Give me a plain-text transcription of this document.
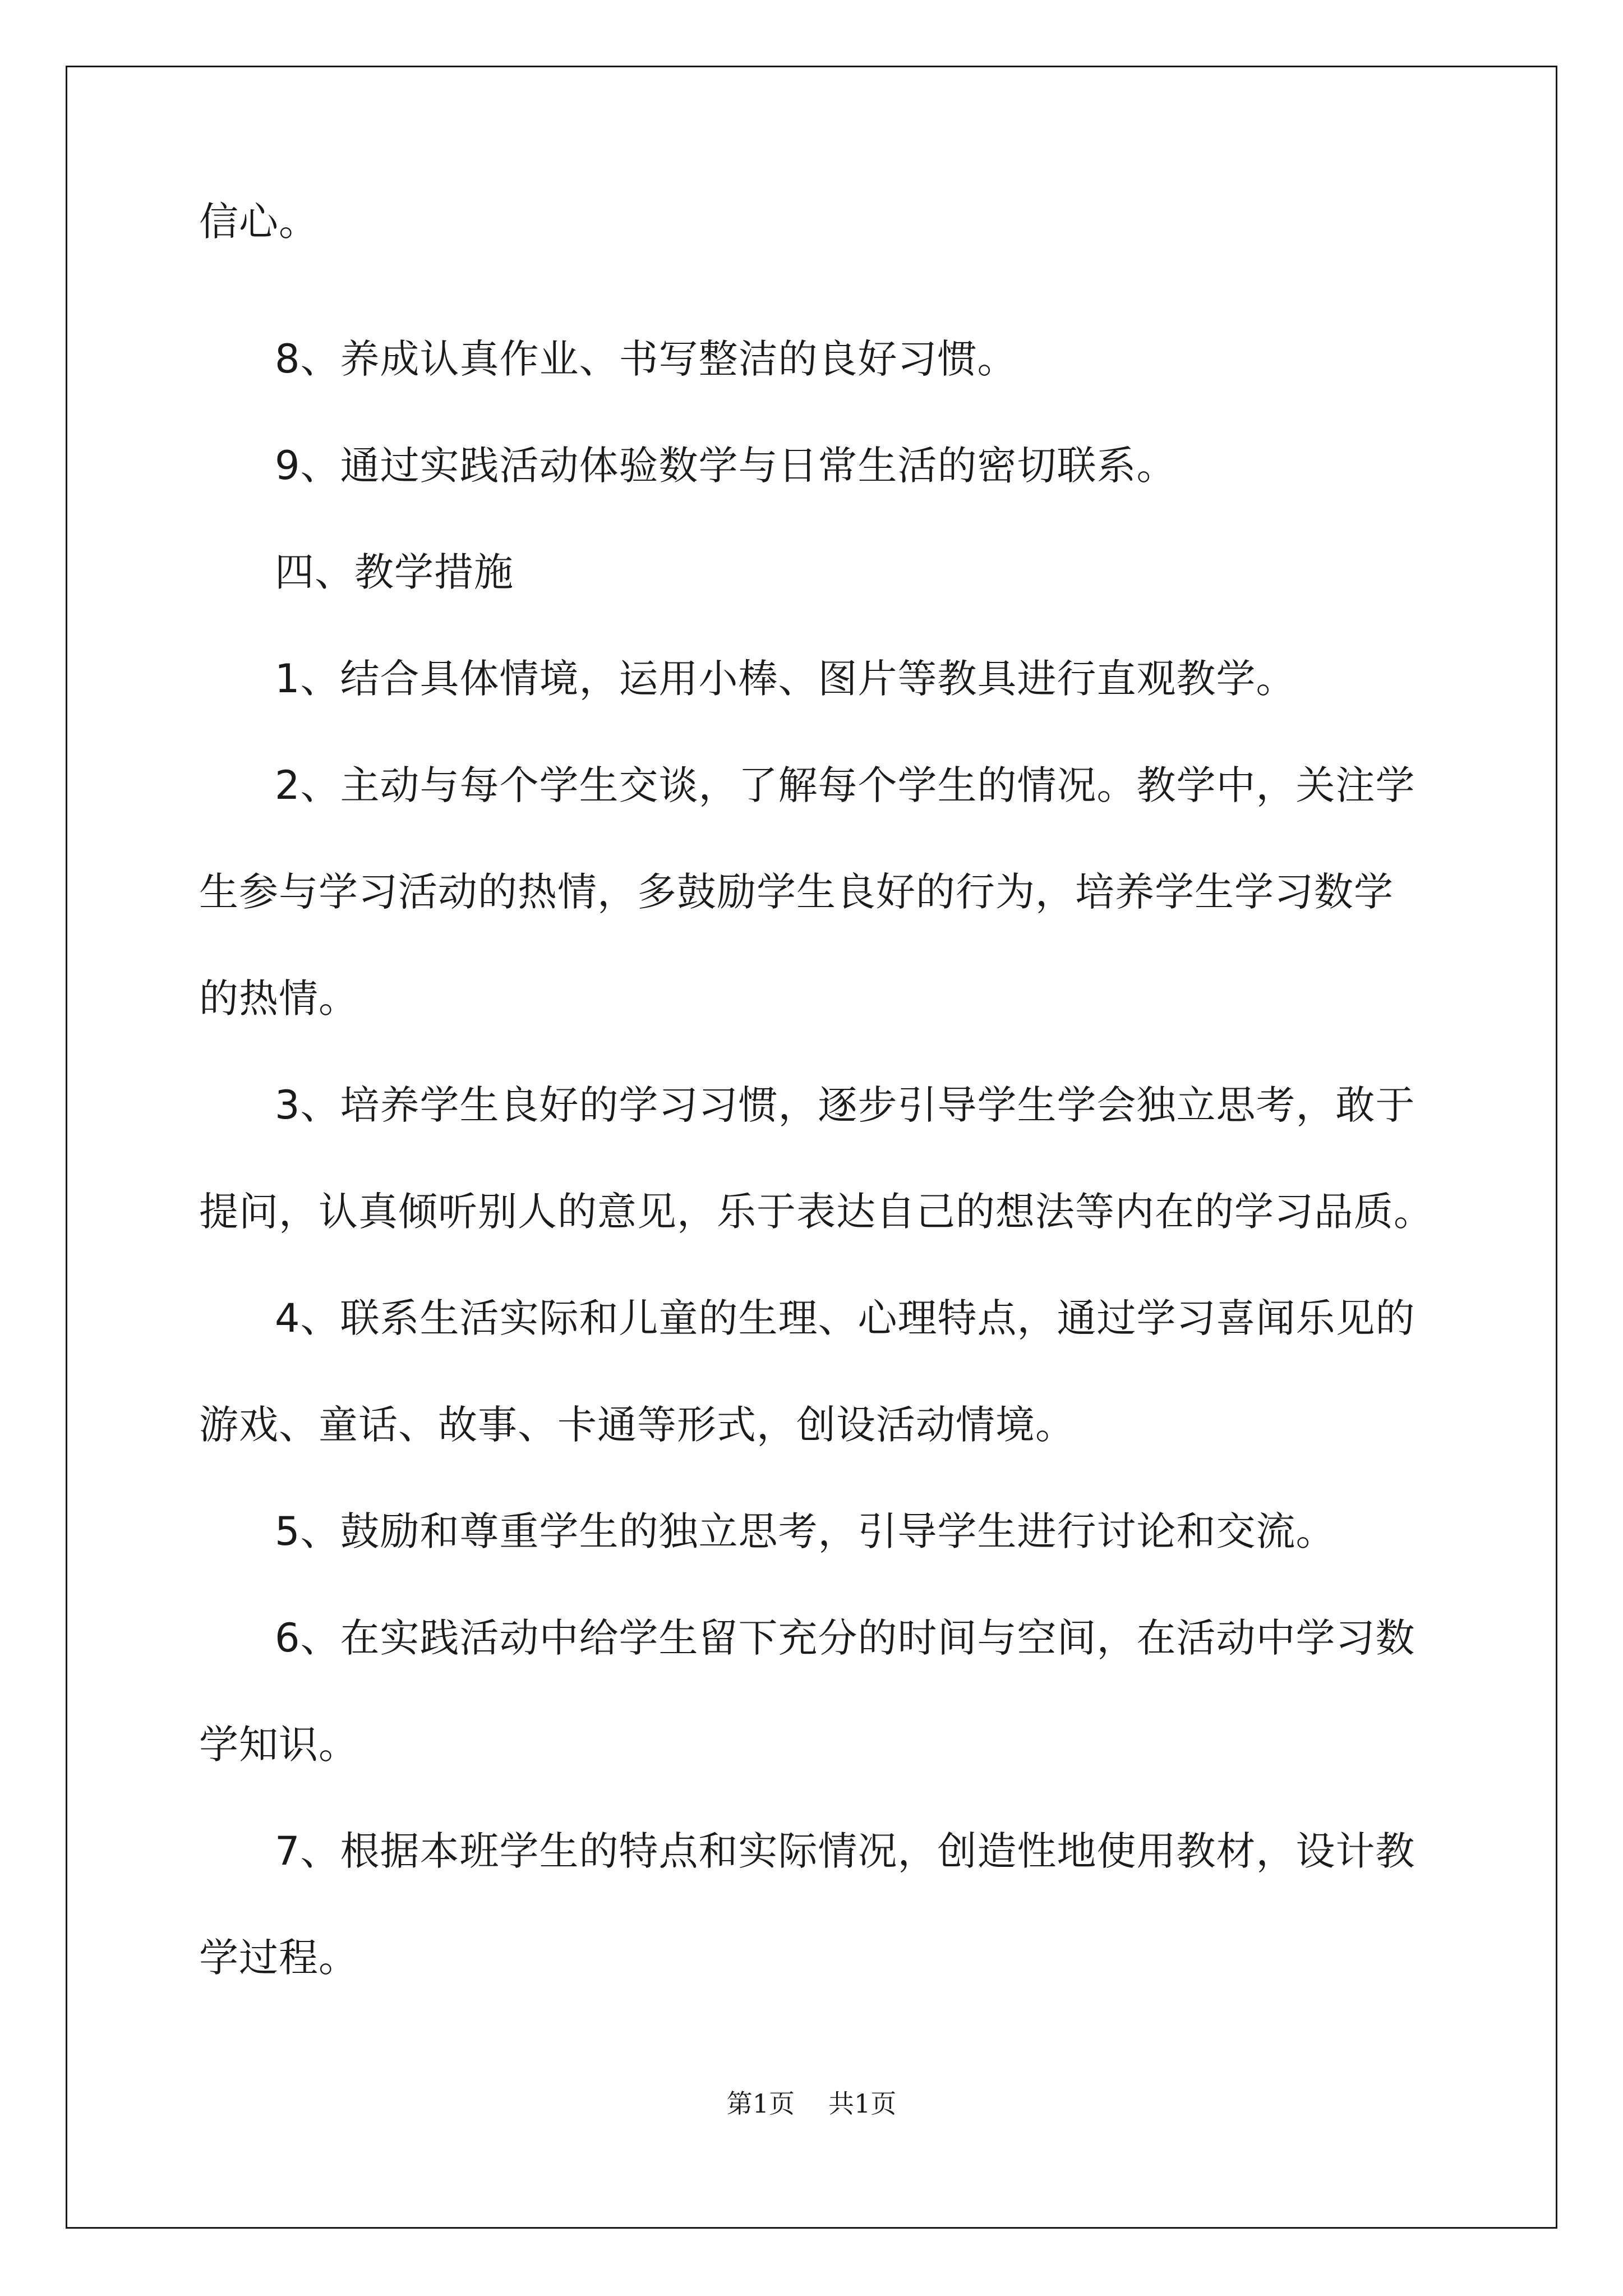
信心。
8、养成认真作业、书写整洁的良好习惯。
9、通过实践活动体验数学与日常生活的密切联系。
四、教学措施
1、结合具体情境，运用小棒、图片等教具进行直观教学。
2、主动与每个学生交谈，了解每个学生的情况。教学中，关注学
生参与学习活动的热情，多鼓励学生良好的行为，培养学生学习数学
的热情。
3、培养学生良好的学习习惯，逐步引导学生学会独立思考，敢于
提问，认真倾听别人的意见，乐于表达自己的想法等内在的学习品质。
4、联系生活实际和儿童的生理、心理特点，通过学习喜闻乐见的
游戏、童话、故事、卡通等形式，创设活动情境。
5、鼓励和尊重学生的独立思考，引导学生进行讨论和交流。
6、在实践活动中给学生留下充分的时间与空间，在活动中学习数
学知识。
7、根据本班学生的特点和实际情况，创造性地使用教材，设计教
学过程。
第1页 共1页
